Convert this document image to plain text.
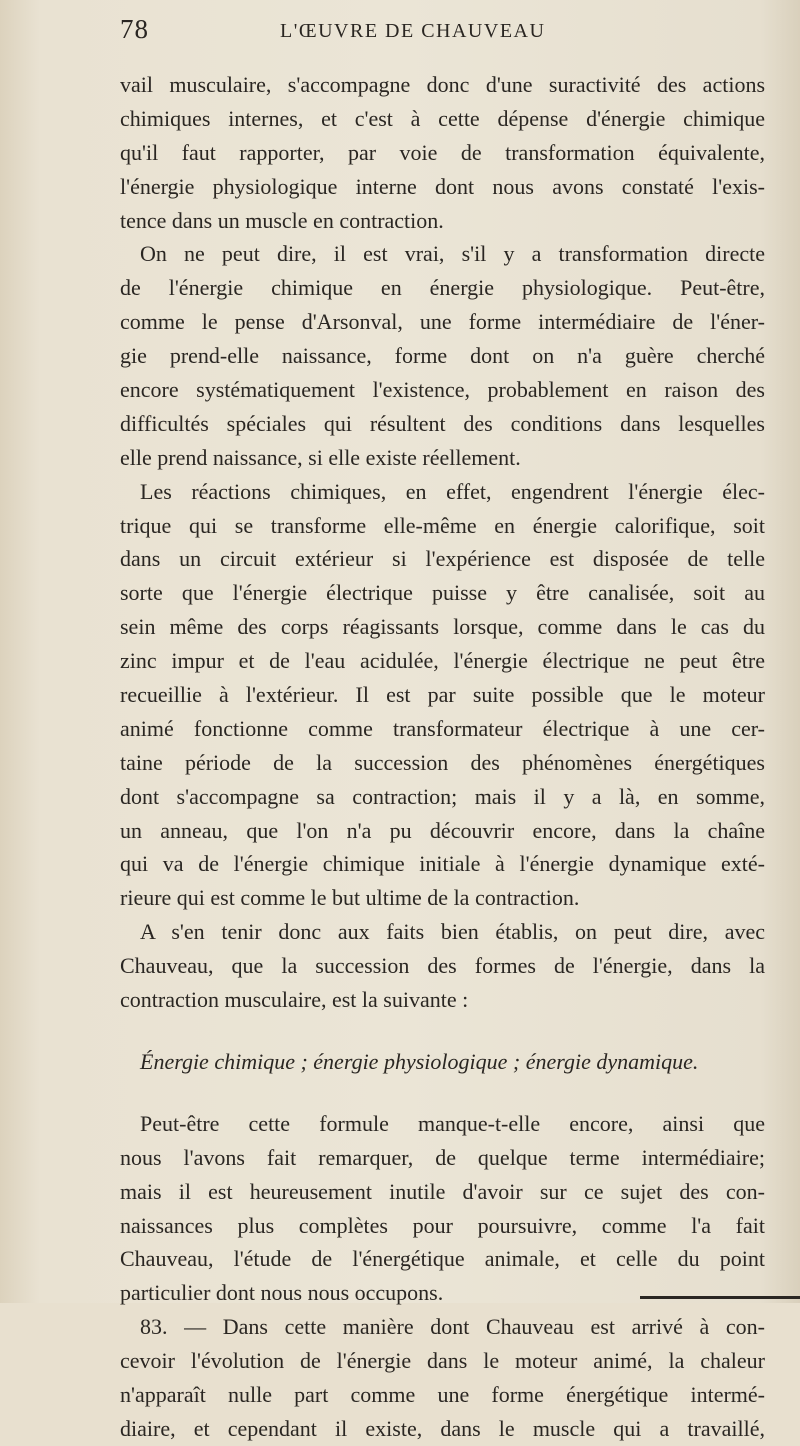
78	L'ŒUVRE DE CHAUVEAU
vail musculaire, s'accompagne donc d'une suractivité des actions
chimiques internes, et c'est à cette dépense d'énergie chimique
qu'il faut rapporter, par voie de transformation équivalente,
l'énergie physiologique interne dont nous avons constaté l'exis-
tence dans un muscle en contraction.
On ne peut dire, il est vrai, s'il y a transformation directe
de l'énergie chimique en énergie physiologique. Peut-être,
comme le pense d'Arsonval, une forme intermédiaire de l'éner-
gie prend-elle naissance, forme dont on n'a guère cherché
encore systématiquement l'existence, probablement en raison des
difficultés spéciales qui résultent des conditions dans lesquelles
elle prend naissance, si elle existe réellement.
Les réactions chimiques, en effet, engendrent l'énergie élec-
trique qui se transforme elle-même en énergie calorifique, soit
dans un circuit extérieur si l'expérience est disposée de telle
sorte que l'énergie électrique puisse y être canalisée, soit au
sein même des corps réagissants lorsque, comme dans le cas du
zinc impur et de l'eau acidulée, l'énergie électrique ne peut être
recueillie à l'extérieur. Il est par suite possible que le moteur
animé fonctionne comme transformateur électrique à une cer-
taine période de la succession des phénomènes énergétiques
dont s'accompagne sa contraction; mais il y a là, en somme,
un anneau, que l'on n'a pu découvrir encore, dans la chaîne
qui va de l'énergie chimique initiale à l'énergie dynamique exté-
rieure qui est comme le but ultime de la contraction.
A s'en tenir donc aux faits bien établis, on peut dire, avec
Chauveau, que la succession des formes de l'énergie, dans la
contraction musculaire, est la suivante :
Énergie chimique ; énergie physiologique ; énergie dynamique.
Peut-être cette formule manque-t-elle encore, ainsi que
nous l'avons fait remarquer, de quelque terme intermédiaire;
mais il est heureusement inutile d'avoir sur ce sujet des con-
naissances plus complètes pour poursuivre, comme l'a fait
Chauveau, l'étude de l'énergétique animale, et celle du point
particulier dont nous nous occupons.
83. — Dans cette manière dont Chauveau est arrivé à con-
cevoir l'évolution de l'énergie dans le moteur animé, la chaleur
n'apparaît nulle part comme une forme énergétique intermé-
diaire, et cependant il existe, dans le muscle qui a travaillé,
